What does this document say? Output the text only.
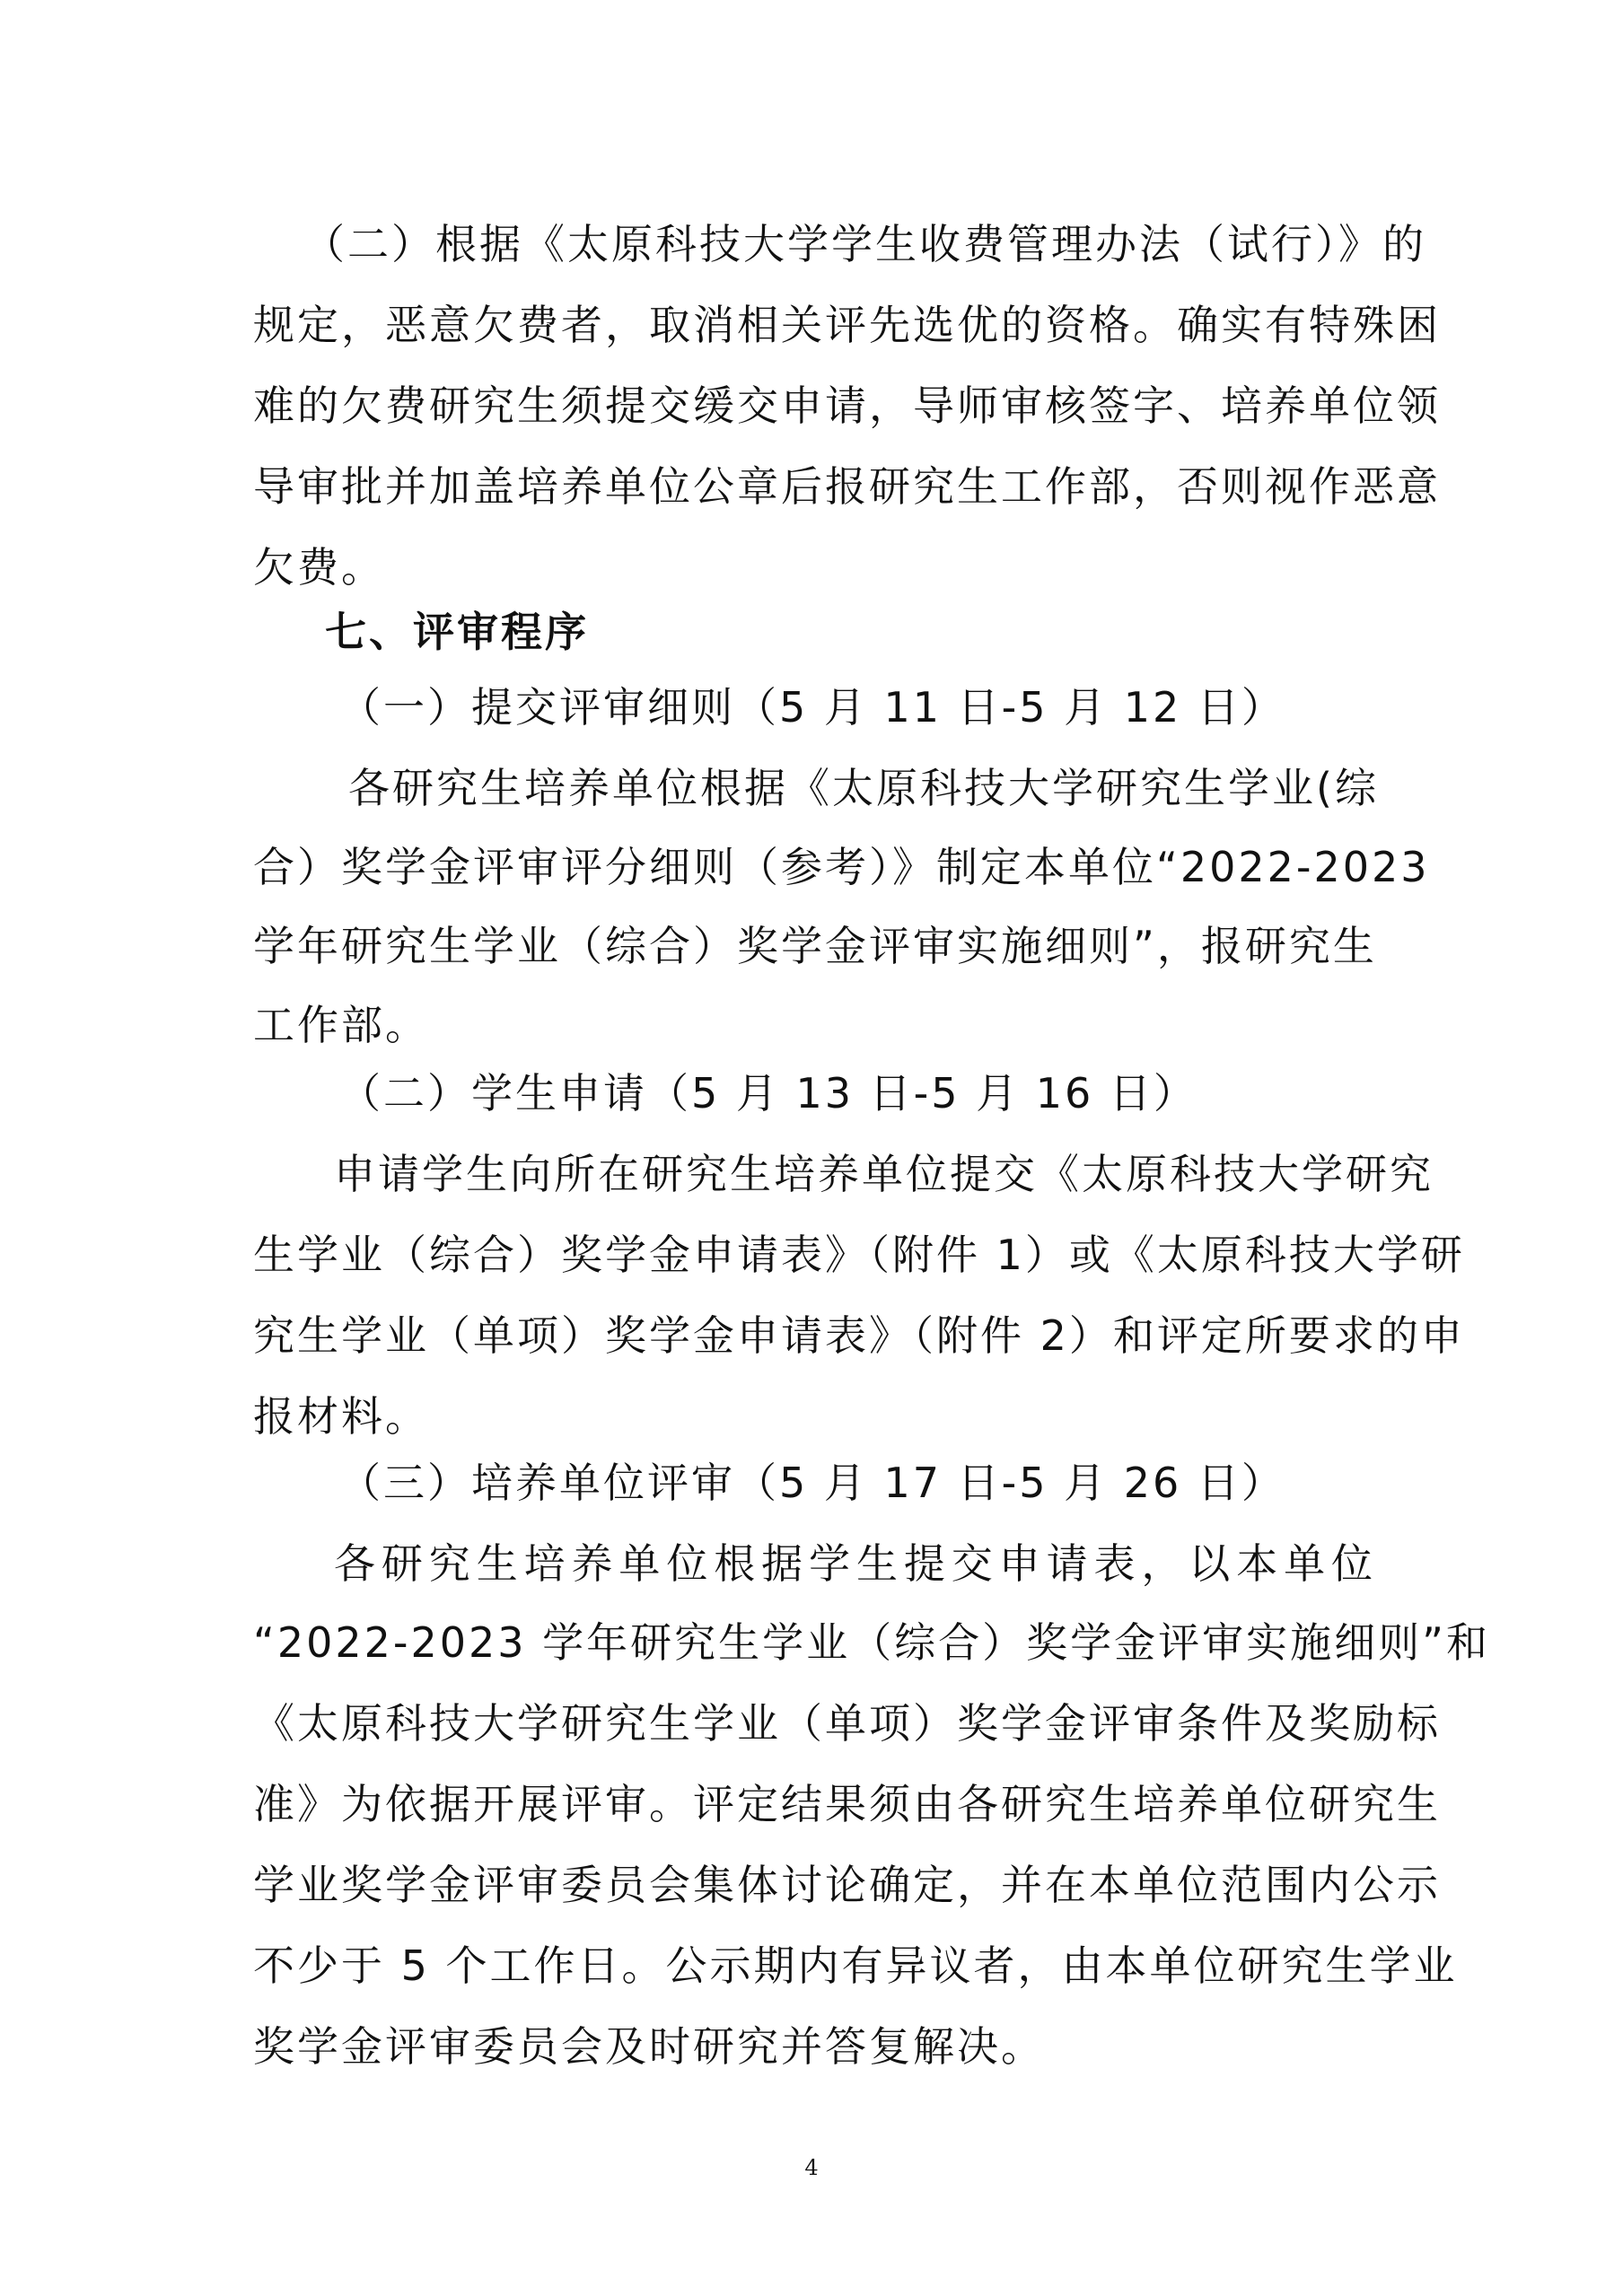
（二）根据《太原科技大学学生收费管理办法（试行）》的
规定，恶意欠费者，取消相关评先选优的资格。确实有特殊困
难的欠费研究生须提交缓交申请，导师审核签字、培养单位领
导审批并加盖培养单位公章后报研究生工作部，否则视作恶意
欠费。
七、评审程序
（一）提交评审细则（5 月 11 日-5 月 12 日）
各研究生培养单位根据《太原科技大学研究生学业(综
合）奖学金评审评分细则（参考）》制定本单位“2022-2023
学年研究生学业（综合）奖学金评审实施细则”，报研究生
工作部。
（二）学生申请（5 月 13 日-5 月 16 日）
申请学生向所在研究生培养单位提交《太原科技大学研究
生学业（综合）奖学金申请表》（附件 1）或《太原科技大学研
究生学业（单项）奖学金申请表》（附件 2）和评定所要求的申
报材料。
（三）培养单位评审（5 月 17 日-5 月 26 日）
各研究生培养单位根据学生提交申请表，以本单位
“2022-2023 学年研究生学业（综合）奖学金评审实施细则”和
《太原科技大学研究生学业（单项）奖学金评审条件及奖励标
准》为依据开展评审。评定结果须由各研究生培养单位研究生
学业奖学金评审委员会集体讨论确定，并在本单位范围内公示
不少于 5 个工作日。公示期内有异议者，由本单位研究生学业
奖学金评审委员会及时研究并答复解决。
4
